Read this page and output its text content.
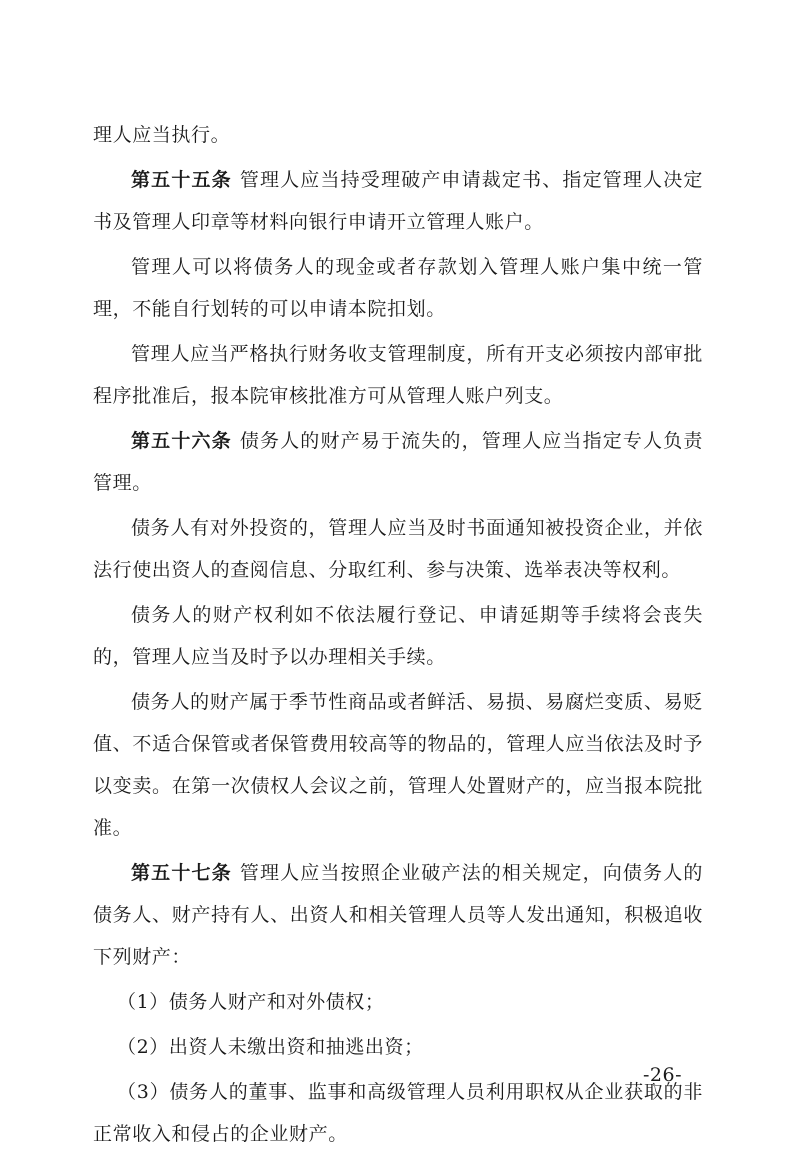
理人应当执行。

第五十五条 管理人应当持受理破产申请裁定书、指定管理人决定书及管理人印章等材料向银行申请开立管理人账户。

管理人可以将债务人的现金或者存款划入管理人账户集中统一管理，不能自行划转的可以申请本院扣划。

管理人应当严格执行财务收支管理制度，所有开支必须按内部审批程序批准后，报本院审核批准方可从管理人账户列支。

第五十六条 债务人的财产易于流失的，管理人应当指定专人负责管理。

债务人有对外投资的，管理人应当及时书面通知被投资企业，并依法行使出资人的查阅信息、分取红利、参与决策、选举表决等权利。

债务人的财产权利如不依法履行登记、申请延期等手续将会丧失的，管理人应当及时予以办理相关手续。

债务人的财产属于季节性商品或者鲜活、易损、易腐烂变质、易贬值、不适合保管或者保管费用较高等的物品的，管理人应当依法及时予以变卖。在第一次债权人会议之前，管理人处置财产的，应当报本院批准。

第五十七条 管理人应当按照企业破产法的相关规定，向债务人的债务人、财产持有人、出资人和相关管理人员等人发出通知，积极追收下列财产：

（1）债务人财产和对外债权；

（2）出资人未缴出资和抽逃出资；

（3）债务人的董事、监事和高级管理人员利用职权从企业获取的非正常收入和侵占的企业财产。

-26-
